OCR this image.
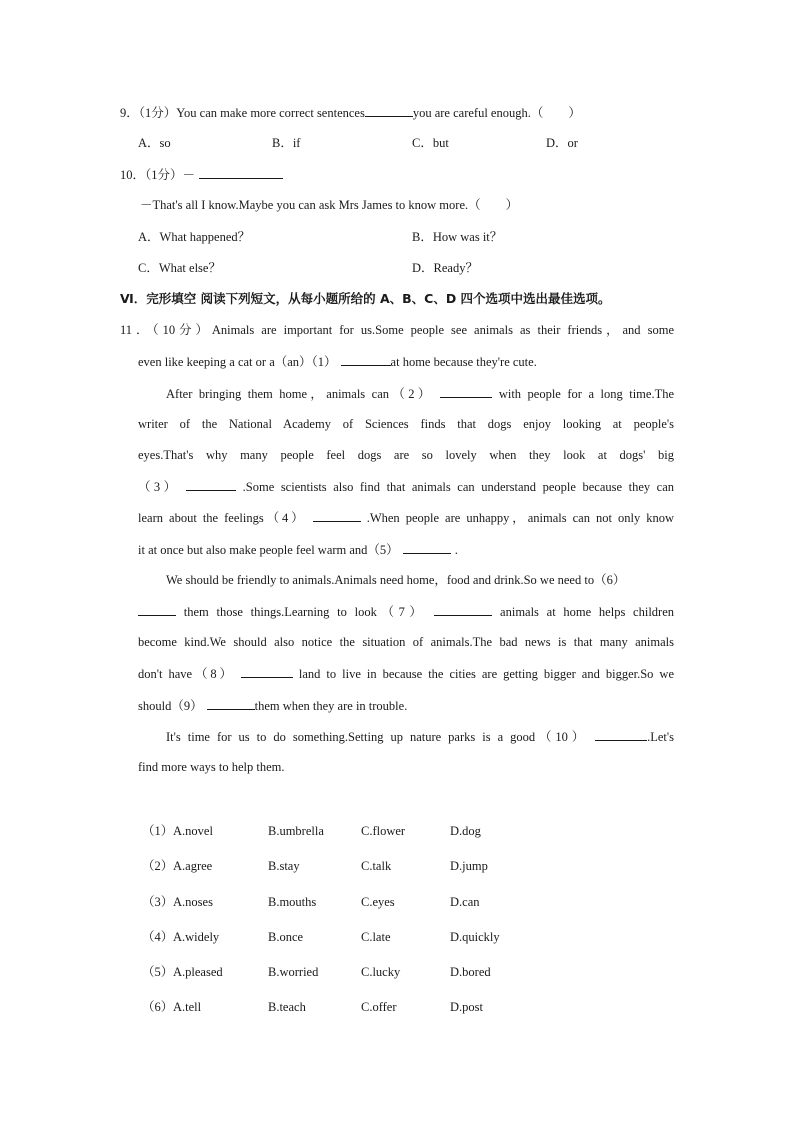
9．（1分）You can make more correct sentences	you are careful enough.（　　）
A．so	B．if	C．but	D．or
10．（1分）－
－That's all I know.Maybe you can ask Mrs James to know more.（　　）
A．What happened？	B．How was it？
C．What else？	D．Ready？
Ⅵ．完形填空 阅读下列短文，从每小题所给的 A、B、C、D 四个选项中选出最佳选项。
11．（10分）Animals are important for us.Some people see animals as their friends，and some
even like keeping a cat or a（an）（1）	at home because they're cute.
After bringing them home，animals can（2）	with people for a long time.The
writer of the National Academy of Sciences finds that dogs enjoy looking at people's
eyes.That's why many people feel dogs are so lovely when they look at dogs' big
（3）	.Some scientists also find that animals can understand people because they can
learn about the feelings（4）	.When people are unhappy，animals can not only know
it at once but also make people feel warm and（5）	.
We should be friendly to animals.Animals need home，food and drink.So we need to（6）
them those things.Learning to look（7）	animals at home helps children
become kind.We should also notice the situation of animals.The bad news is that many animals
don't have（8）	land to live in because the cities are getting bigger and bigger.So we
should（9）	them when they are in trouble.
It's time for us to do something.Setting up nature parks is a good（10）	.Let's
find more ways to help them.
（1） A.novel	B.umbrella	C.flower	D.dog
（2） A.agree	B.stay	C.talk	D.jump
（3） A.noses	B.mouths	C.eyes	D.can
（4） A.widely	B.once	C.late	D.quickly
（5） A.pleased	B.worried	C.lucky	D.bored
（6） A.tell	B.teach	C.offer	D.post
